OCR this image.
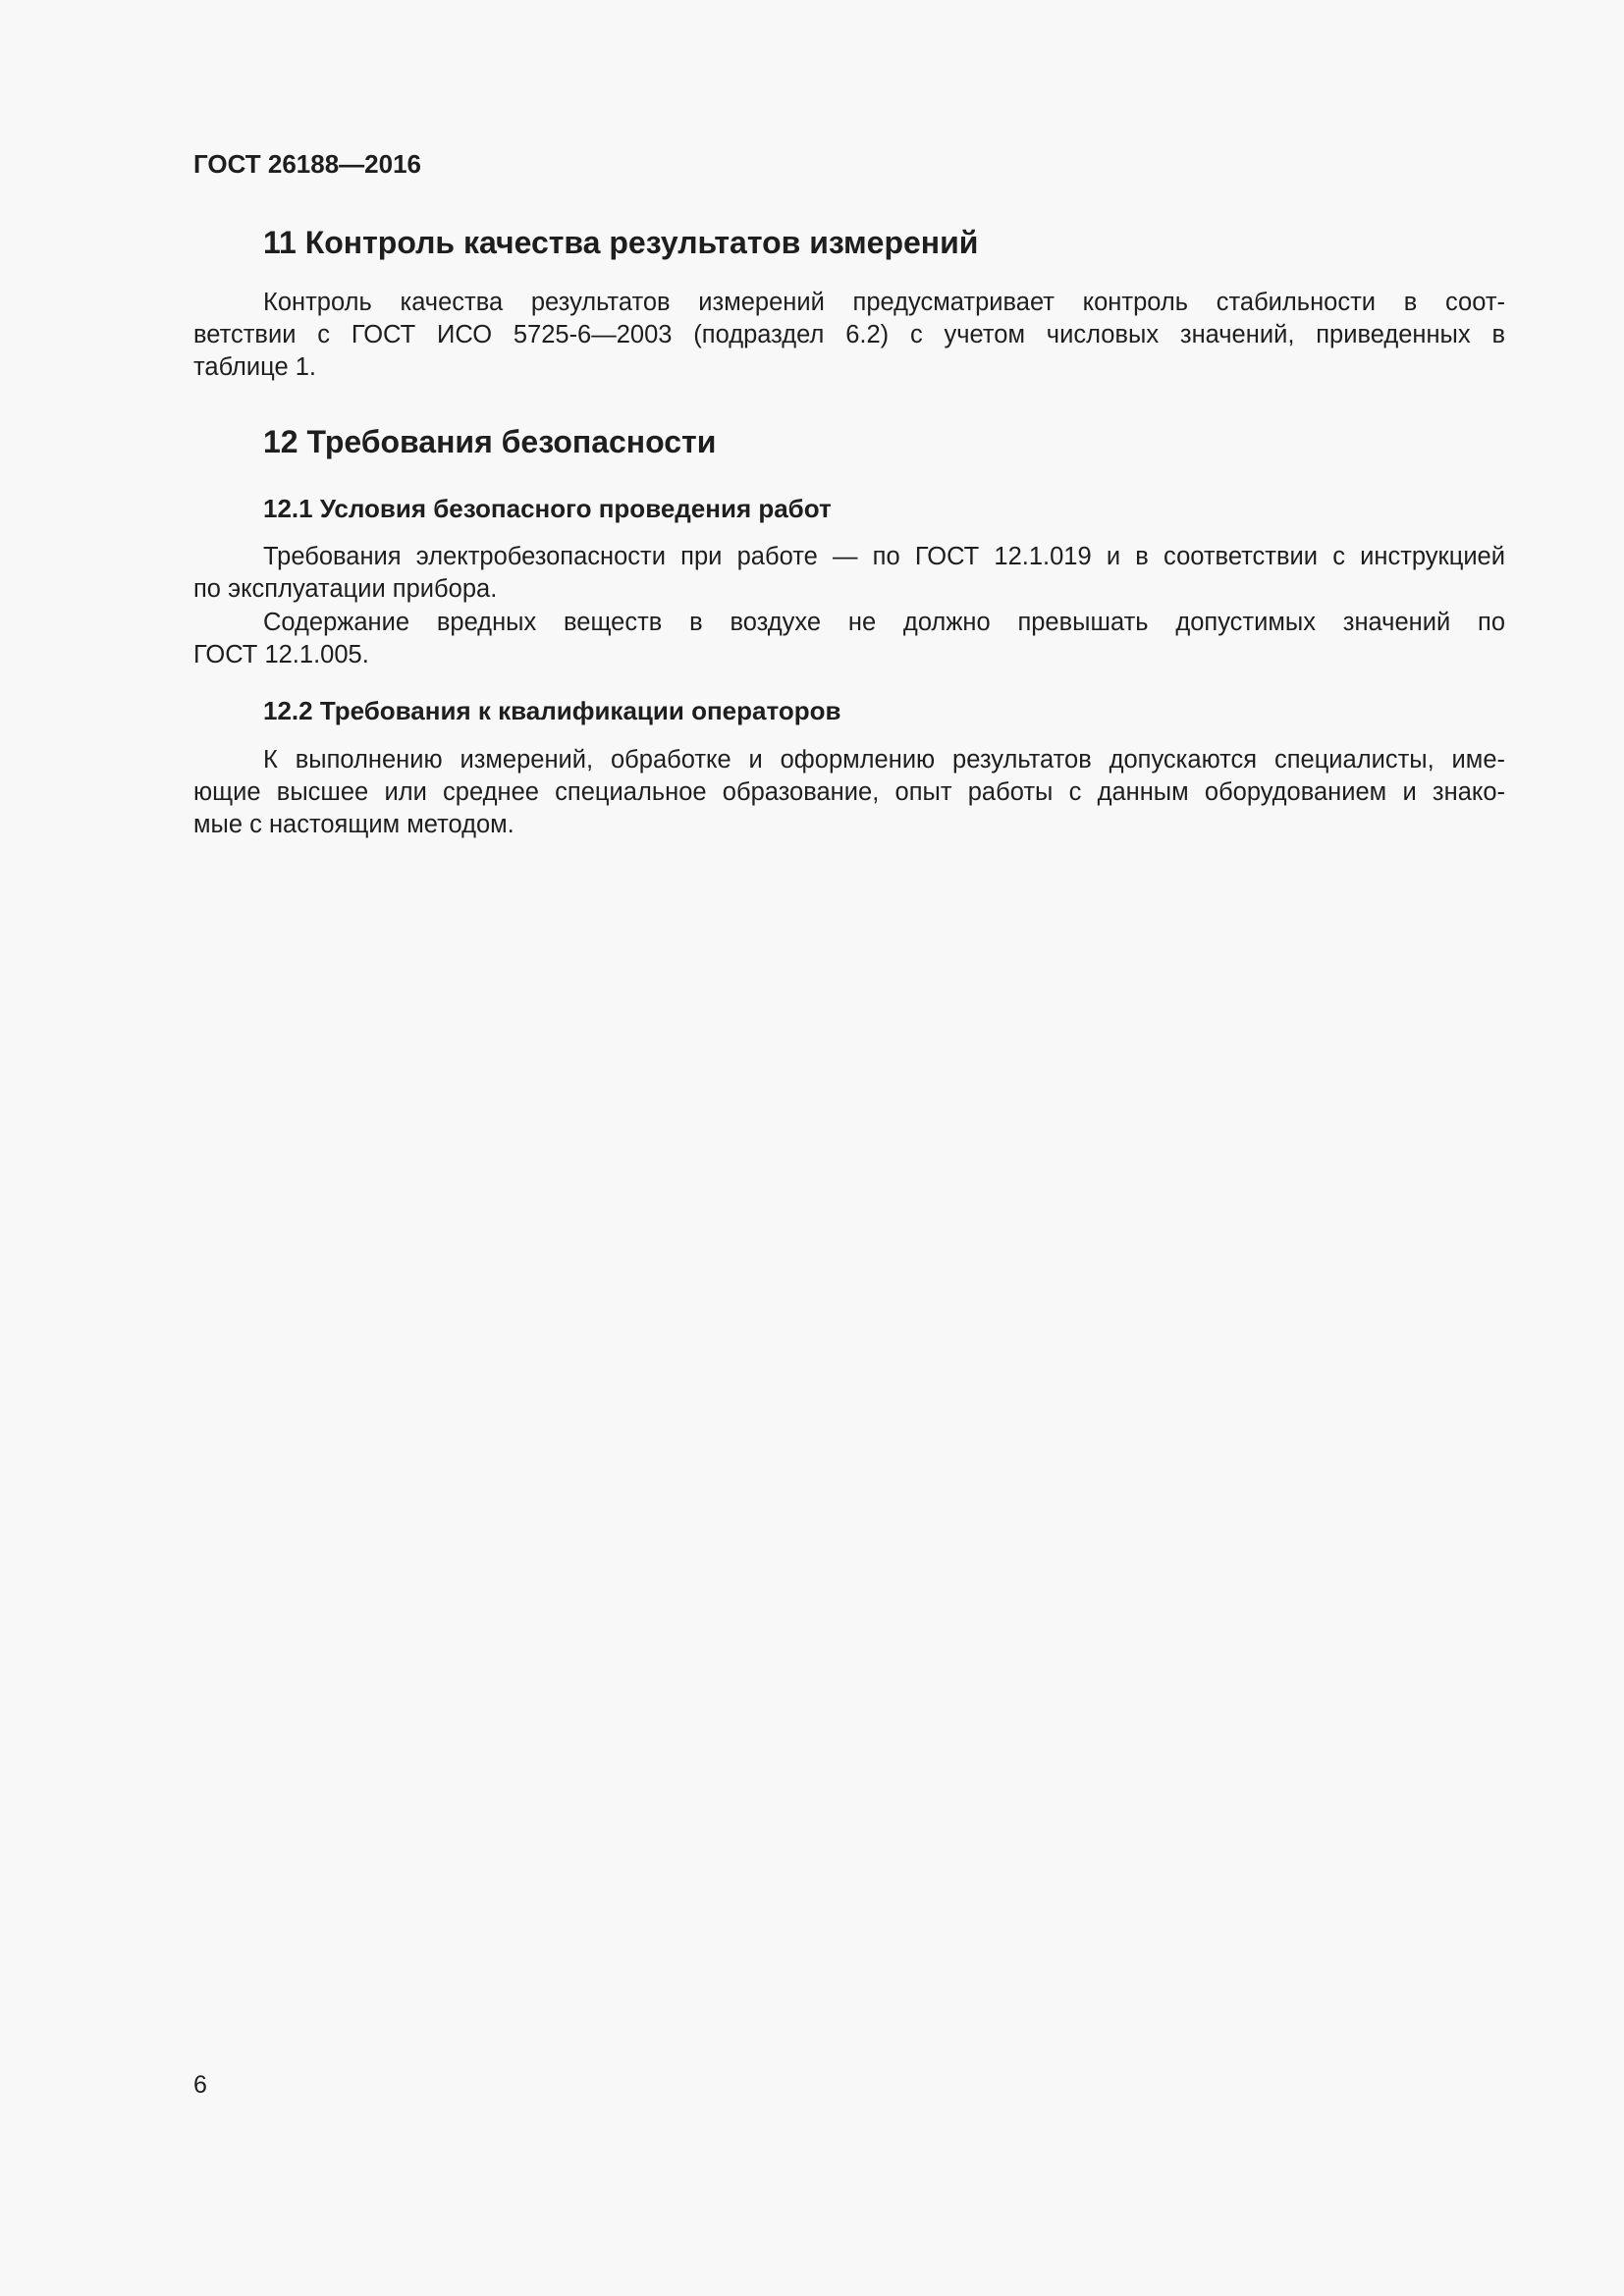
ГОСТ 26188—2016
11 Контроль качества результатов измерений
Контроль качества результатов измерений предусматривает контроль стабильности в соот-
ветствии с ГОСТ ИСО 5725-6—2003 (подраздел 6.2) с учетом числовых значений, приведенных в
таблице 1.
12 Требования безопасности
12.1 Условия безопасного проведения работ
Требования электробезопасности при работе — по ГОСТ 12.1.019 и в соответствии с инструкцией
по эксплуатации прибора.
Содержание вредных веществ в воздухе не должно превышать допустимых значений по
ГОСТ 12.1.005.
12.2 Требования к квалификации операторов
К выполнению измерений, обработке и оформлению результатов допускаются специалисты, име-
ющие высшее или среднее специальное образование, опыт работы с данным оборудованием и знако-
мые с настоящим методом.
6
